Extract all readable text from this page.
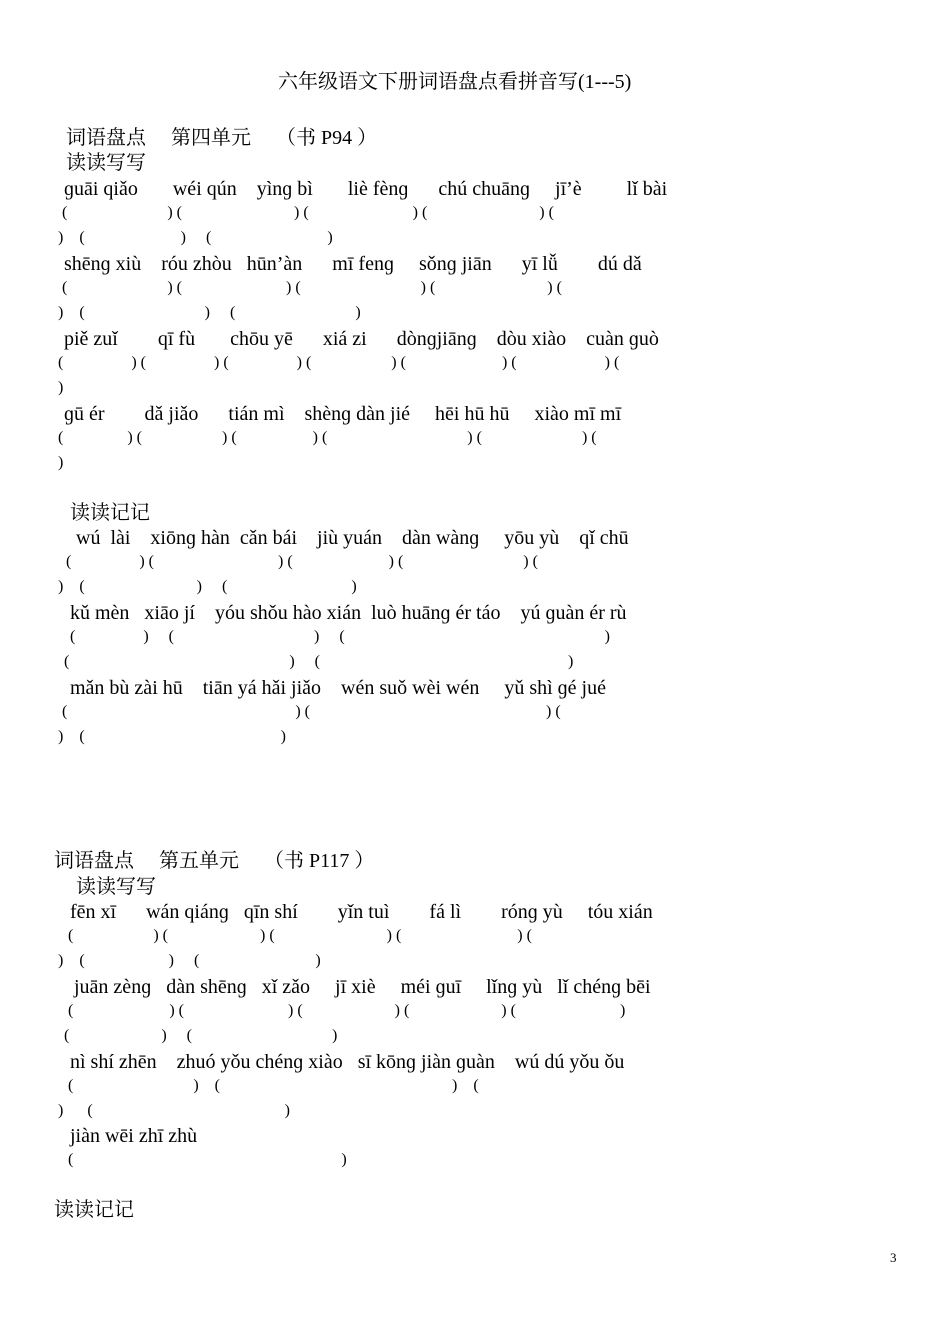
六年级语文下册词语盘点看拼音写(1---5)
词语盘点     第四单元     （书 P94 ）
读读写写
ɡuāi qiǎo       wéi qún    yìnɡ bì       liè fènɡ      chú chuānɡ     jī’è         lǐ bài
(                         ) (                            ) (                          ) (                            ) (
)    (                        )     (                             )
shēnɡ xiù    róu zhòu   hūn’àn      mī fenɡ     sǒnɡ jiān      yī lǚ        dú dǎ
(                         ) (                          ) (                              ) (                            ) (
)    (                              )     (                              )
piě zuǐ        qī fù       chōu yē      xiá zi      dònɡjiānɡ    dòu xiào    cuàn ɡuò
(                 ) (                 ) (                 ) (                    ) (                        ) (                      ) (
)
ɡū ér        dǎ jiǎo      tián mì    shènɡ dàn jié     hēi hū hū     xiào mī mī
(                ) (                    ) (                   ) (                                   ) (                         ) (
)
读读记记
wú  lài    xiōnɡ hàn  cǎn bái    jiù yuán    dàn wànɡ     yōu yù    qǐ chū
(                 ) (                               ) (                        ) (                              ) (
)    (                            )     (                               )
kǔ mèn   xiāo jí    yóu shǒu hào xián  luò huānɡ ér táo    yú ɡuàn ér rù
(                 )     (                                   )     (                                                                 )
(                                                       )     (                                                              )
mǎn bù zài hū    tiān yá hǎi jiǎo    wén suǒ wèi wén     yǔ shì ɡé jué
(                                                         ) (                                                           ) (
)    (                                                 )
词语盘点     第五单元     （书 P117 ）
读读写写
fēn xī      wán qiánɡ   qīn shí        yǐn tuì        fá lì        rónɡ yù     tóu xián
(                    ) (                       ) (                            ) (                             ) (
)    (                     )     (                             )
juān zènɡ   dàn shēnɡ   xǐ zǎo     jī xiè     méi ɡuī     lǐnɡ yù   lǐ chénɡ bēi
(                        ) (                          ) (                       ) (                       ) (                          )
(                       )     (                                   )
nì shí zhēn    zhuó yǒu chénɡ xiào   sī kōnɡ jiàn ɡuàn    wú dú yǒu ǒu
(                              )    (                                                          )    (
)      (                                                )
jiàn wēi zhī zhù
(                                                                   )
读读记记
3
